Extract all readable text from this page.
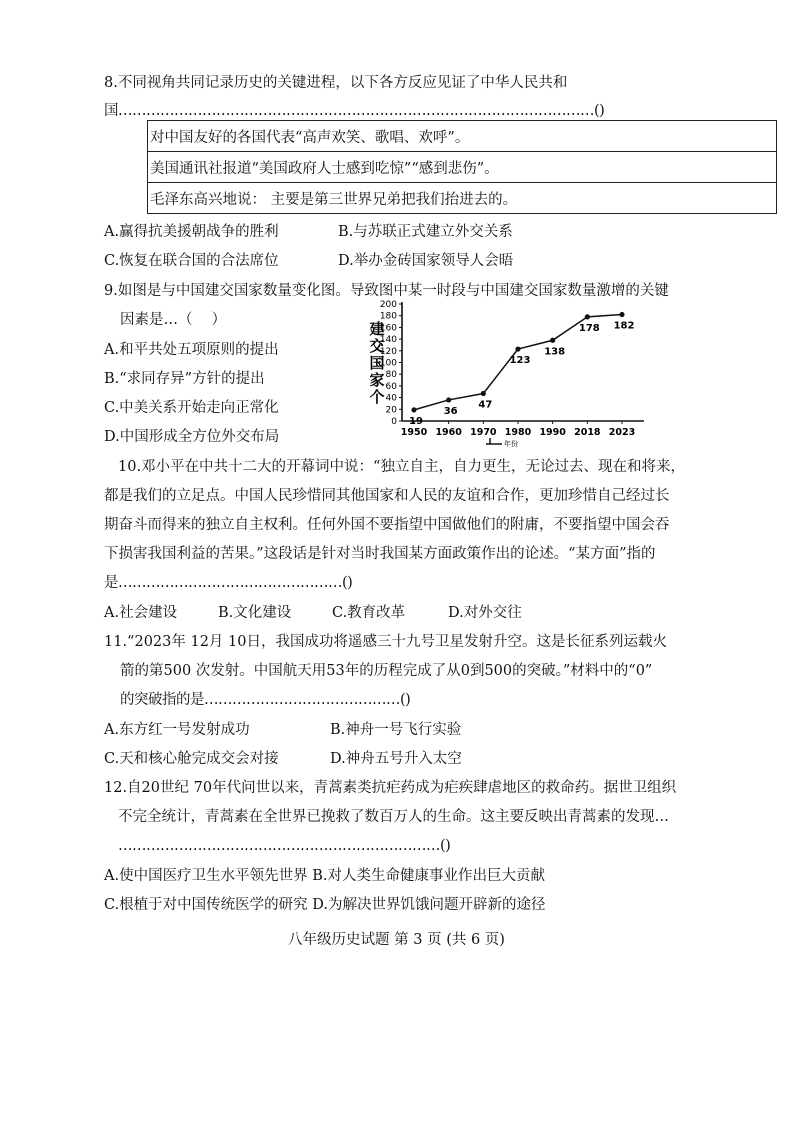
8.不同视角共同记录历史的关键进程，以下各方反应见证了中华人民共和
国…………………………………………………………………………………………()
对中国友好的各国代表“高声欢笑、歌唱、欢呼”。
美国通讯社报道“美国政府人士感到吃惊”“感到悲伤”。
毛泽东高兴地说： 主要是第三世界兄弟把我们抬进去的。
A.赢得抗美援朝战争的胜利	B.与苏联正式建立外交关系
C.恢复在联合国的合法席位	D.举办金砖国家领导人会晤
9.如图是与中国建交国家数量变化图。导致图中某一时段与中国建交国家数量激增的关键
因素是…（　 ）
A.和平共处五项原则的提出
B.“求同存异”方针的提出
C.中美关系开始走向正常化
D.中国形成全方位外交布局
建
交
国
家
个
0
20
40
60
80
100
120
140
160
180
200
1950 1960 1970 1980 1990 2018 2023
19
36
47
123
138
178 182
年份
10.邓小平在中共十二大的开幕词中说：“独立自主，自力更生，无论过去、现在和将来，
都是我们的立足点。中国人民珍惜同其他国家和人民的友谊和合作，更加珍惜自己经过长
期奋斗而得来的独立自主权利。任何外国不要指望中国做他们的附庸，不要指望中国会吞
下损害我国利益的苦果。”这段话是针对当时我国某方面政策作出的论述。“某方面”指的
是…………………………………………()
A.社会建设	B.文化建设	C.教育改革	D.对外交往
11.“2023年 12月 10日，我国成功将遥感三十九号卫星发射升空。这是长征系列运载火
箭的第500 次发射。中国航天用53年的历程完成了从0到500的突破。”材料中的“0”
的突破指的是……………………………………()
A.东方红一号发射成功	B.神舟一号飞行实验
C.天和核心舱完成交会对接	D.神舟五号升入太空
12.自20世纪 70年代问世以来，青蒿素类抗疟药成为疟疾肆虐地区的救命药。据世卫组织
不完全统计，青蒿素在全世界已挽救了数百万人的生命。这主要反映出青蒿素的发现…
……………………………………………………………()
A.使中国医疗卫生水平领先世界 B.对人类生命健康事业作出巨大贡献
C.根植于对中国传统医学的研究 D.为解决世界饥饿问题开辟新的途径
八年级历史试题 第 3 页 (共 6 页)
